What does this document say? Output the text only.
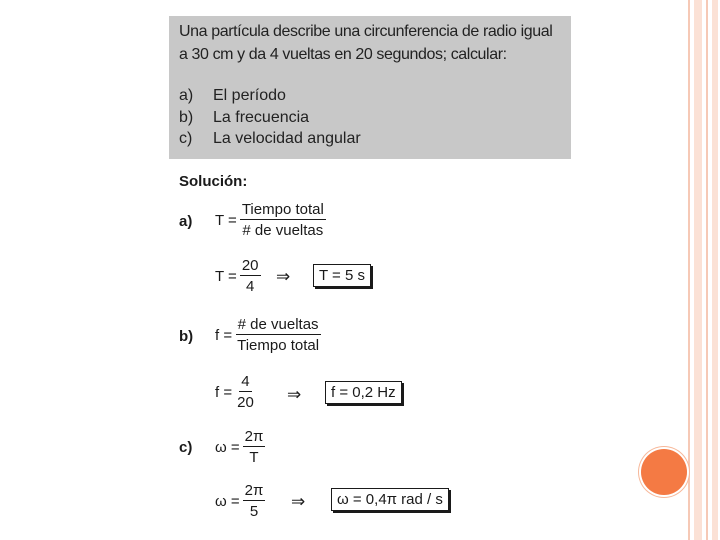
Una partícula describe una circunferencia de radio igual
a 30 cm y da 4 vueltas en 20 segundos; calcular:
a) El período
b) La frecuencia
c) La velocidad angular
Solución:
a) $T = \frac{\text{Tiempo total}}{\text{\# de vueltas}}$
$T = \frac{20}{4}$ ⇒	T = 5 s
b) $f = \frac{\text{\# de vueltas}}{\text{Tiempo total}}$
$f = \frac{4}{20}$ ⇒	f = 0,2 Hz
c) $\omega = \frac{2\pi}{T}$
$\omega = \frac{2\pi}{5}$ ⇒	ω = 0,4π rad / s
